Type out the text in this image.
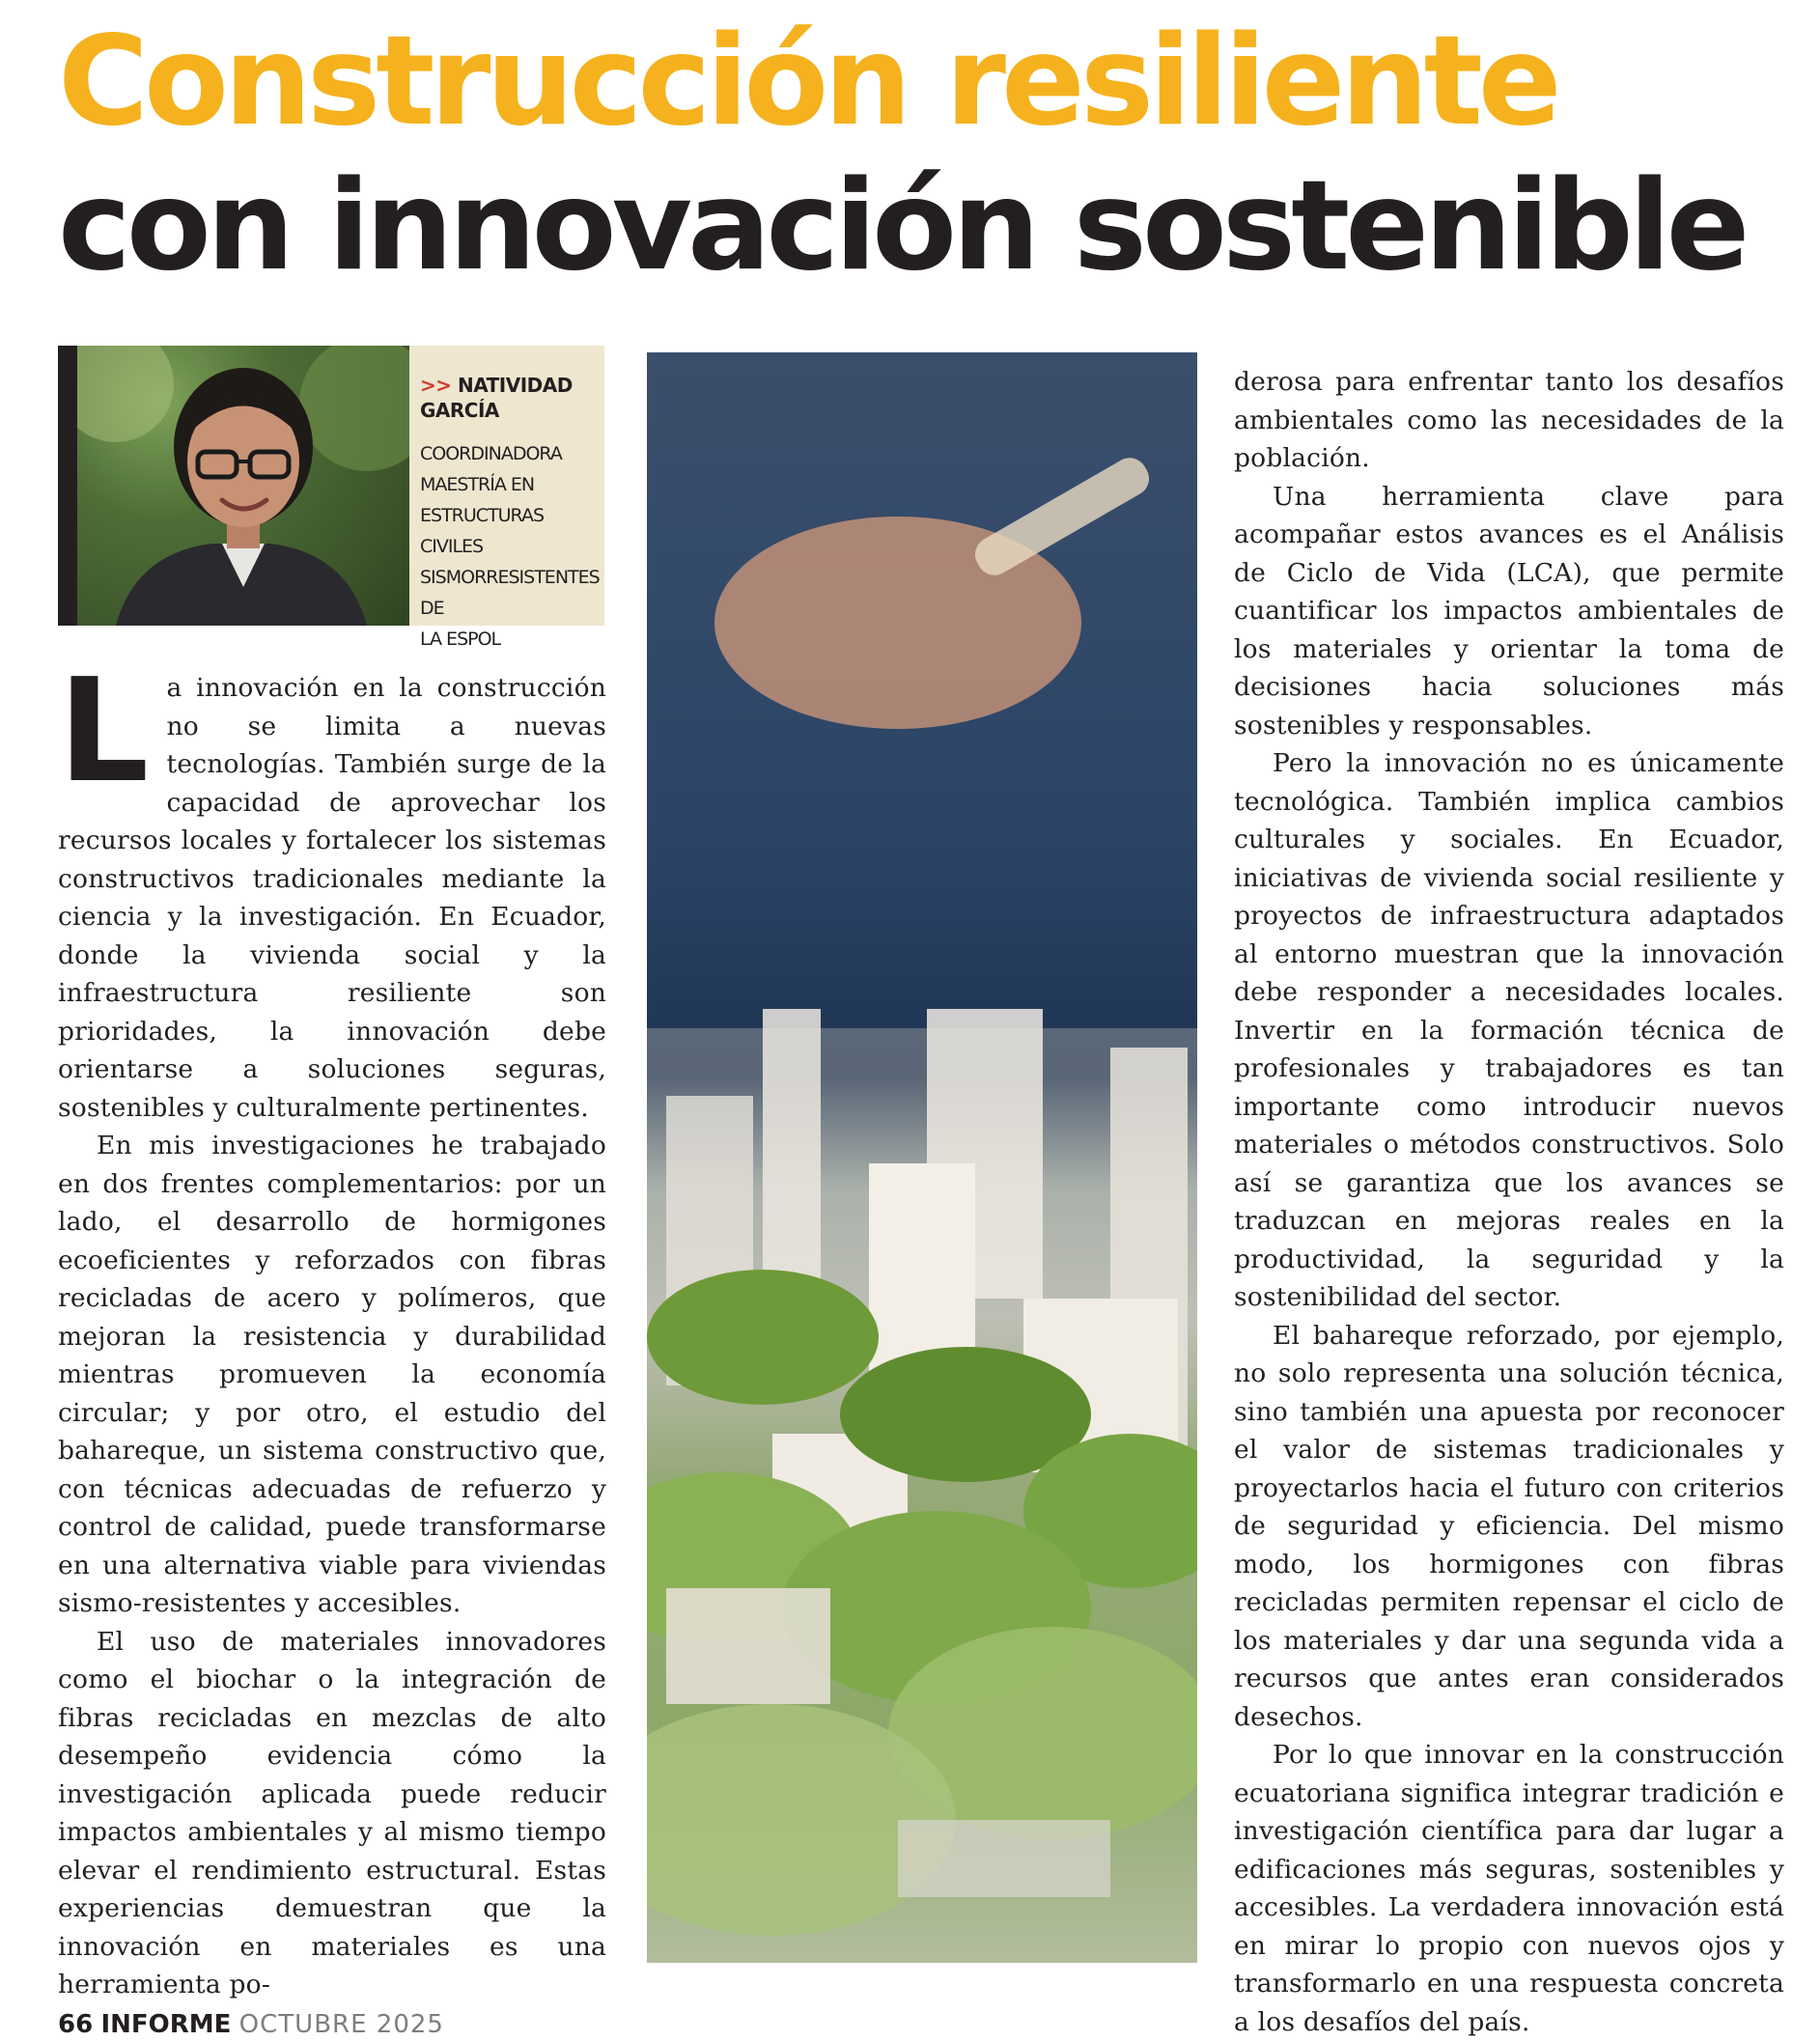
Construcción resiliente
con innovación sostenible

>> NATIVIDAD
GARCÍA

COORDINADORA
MAESTRÍA EN
ESTRUCTURAS CIVILES
SISMORRESISTENTES DE
LA ESPOL

La innovación en la construcción no se limita a nuevas tecnologías. También surge de la capacidad de aprovechar los recursos locales y fortalecer los sistemas constructivos tradicionales mediante la ciencia y la investigación. En Ecuador, donde la vivienda social y la infraestructura resiliente son prioridades, la innovación debe orientarse a soluciones seguras, sostenibles y culturalmente pertinentes.

En mis investigaciones he trabajado en dos frentes complementarios: por un lado, el desarrollo de hormigones ecoeficientes y reforzados con fibras recicladas de acero y polímeros, que mejoran la resistencia y durabilidad mientras promueven la economía circular; y por otro, el estudio del bahareque, un sistema constructivo que, con técnicas adecuadas de refuerzo y control de calidad, puede transformarse en una alternativa viable para viviendas sismo-resistentes y accesibles.

El uso de materiales innovadores como el biochar o la integración de fibras recicladas en mezclas de alto desempeño evidencia cómo la investigación aplicada puede reducir impactos ambientales y al mismo tiempo elevar el rendimiento estructural. Estas experiencias demuestran que la innovación en materiales es una herramienta po-

derosa para enfrentar tanto los desafíos ambientales como las necesidades de la población.

Una herramienta clave para acompañar estos avances es el Análisis de Ciclo de Vida (LCA), que permite cuantificar los impactos ambientales de los materiales y orientar la toma de decisiones hacia soluciones más sostenibles y responsables.

Pero la innovación no es únicamente tecnológica. También implica cambios culturales y sociales. En Ecuador, iniciativas de vivienda social resiliente y proyectos de infraestructura adaptados al entorno muestran que la innovación debe responder a necesidades locales. Invertir en la formación técnica de profesionales y trabajadores es tan importante como introducir nuevos materiales o métodos constructivos. Solo así se garantiza que los avances se traduzcan en mejoras reales en la productividad, la seguridad y la sostenibilidad del sector.

El bahareque reforzado, por ejemplo, no solo representa una solución técnica, sino también una apuesta por reconocer el valor de sistemas tradicionales y proyectarlos hacia el futuro con criterios de seguridad y eficiencia. Del mismo modo, los hormigones con fibras recicladas permiten repensar el ciclo de los materiales y dar una segunda vida a recursos que antes eran considerados desechos.

Por lo que innovar en la construcción ecuatoriana significa integrar tradición e investigación científica para dar lugar a edificaciones más seguras, sostenibles y accesibles. La verdadera innovación está en mirar lo propio con nuevos ojos y transformarlo en una respuesta concreta a los desafíos del país.

66 INFORME OCTUBRE 2025
